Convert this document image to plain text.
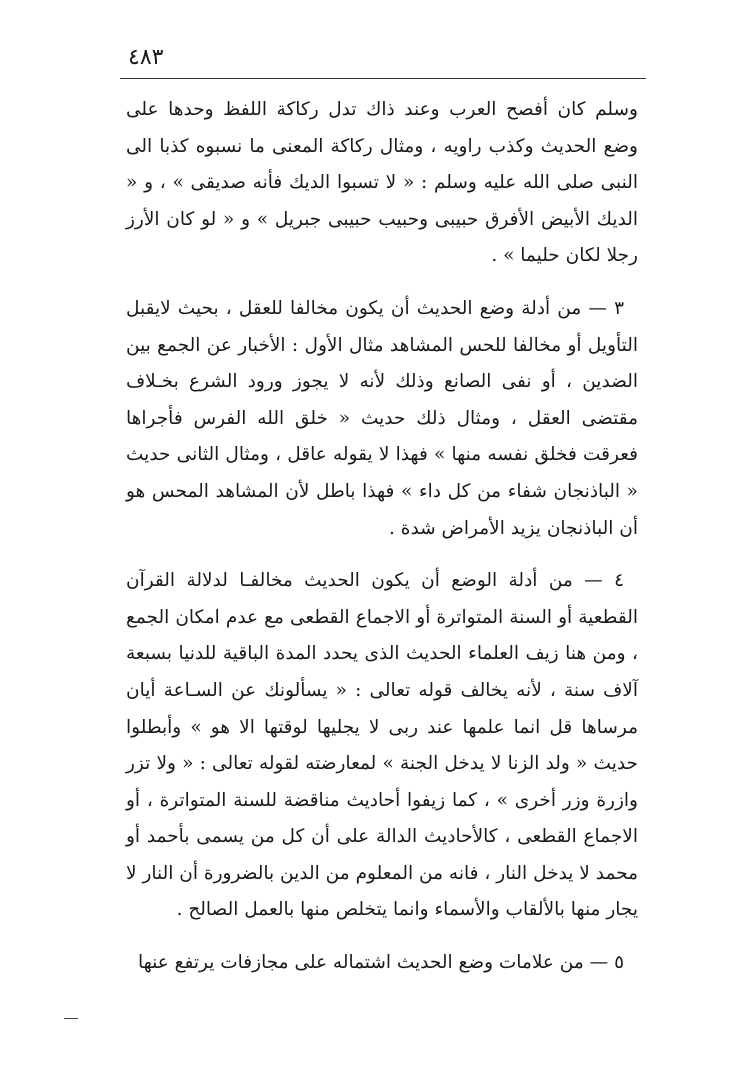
٤٨٣

وسلم كان أفصح العرب وعند ذاك تدل ركاكة اللفظ وحدها على وضع الحديث وكذب راويه ، ومثال ركاكة المعنى ما نسبوه كذبا الى النبى صلى الله عليه وسلم : « لا تسبوا الديك فأنه صديقى » ، و « الديك الأبيض الأفرق حبيبى وحبيب حبيبى جبريل » و « لو كان الأرز رجلا لكان حليما » .

٣ — من أدلة وضع الحديث أن يكون مخالفا للعقل ، بحيث لايقبل التأويل أو مخالفا للحس المشاهد مثال الأول : الأخبار عن الجمع بين الضدين ، أو نفى الصانع وذلك لأنه لا يجوز ورود الشرع بخـلاف مقتضى العقل ، ومثال ذلك حديث « خلق الله الفرس فأجراها فعرقت فخلق نفسه منها » فهذا لا يقوله عاقل ، ومثال الثانى حديث « الباذنجان شفاء من كل داء » فهذا باطل لأن المشاهد المحس هو أن الباذنجان يزيد الأمراض شدة .

٤ — من أدلة الوضع أن يكون الحديث مخالفـا لدلالة القرآن القطعية أو السنة المتواترة أو الاجماع القطعى مع عدم امكان الجمع ، ومن هنا زيف العلماء الحديث الذى يحدد المدة الباقية للدنيا بسبعة آلاف سنة ، لأنه يخالف قوله تعالى : « يسألونك عن السـاعة أيان مرساها قل انما علمها عند ربى لا يجليها لوقتها الا هو » وأبطلوا حديث « ولد الزنا لا يدخل الجنة » لمعارضته لقوله تعالى : « ولا تزر وازرة وزر أخرى » ، كما زيفوا أحاديث مناقضة للسنة المتواترة ، أو الاجماع القطعى ، كالأحاديث الدالة على أن كل من يسمى بأحمد أو محمد لا يدخل النار ، فانه من المعلوم من الدين بالضرورة أن النار لا يجار منها بالألقاب والأسماء وانما يتخلص منها بالعمل الصالح .

٥ — من علامات وضع الحديث اشتماله على مجازفات يرتفع عنها
